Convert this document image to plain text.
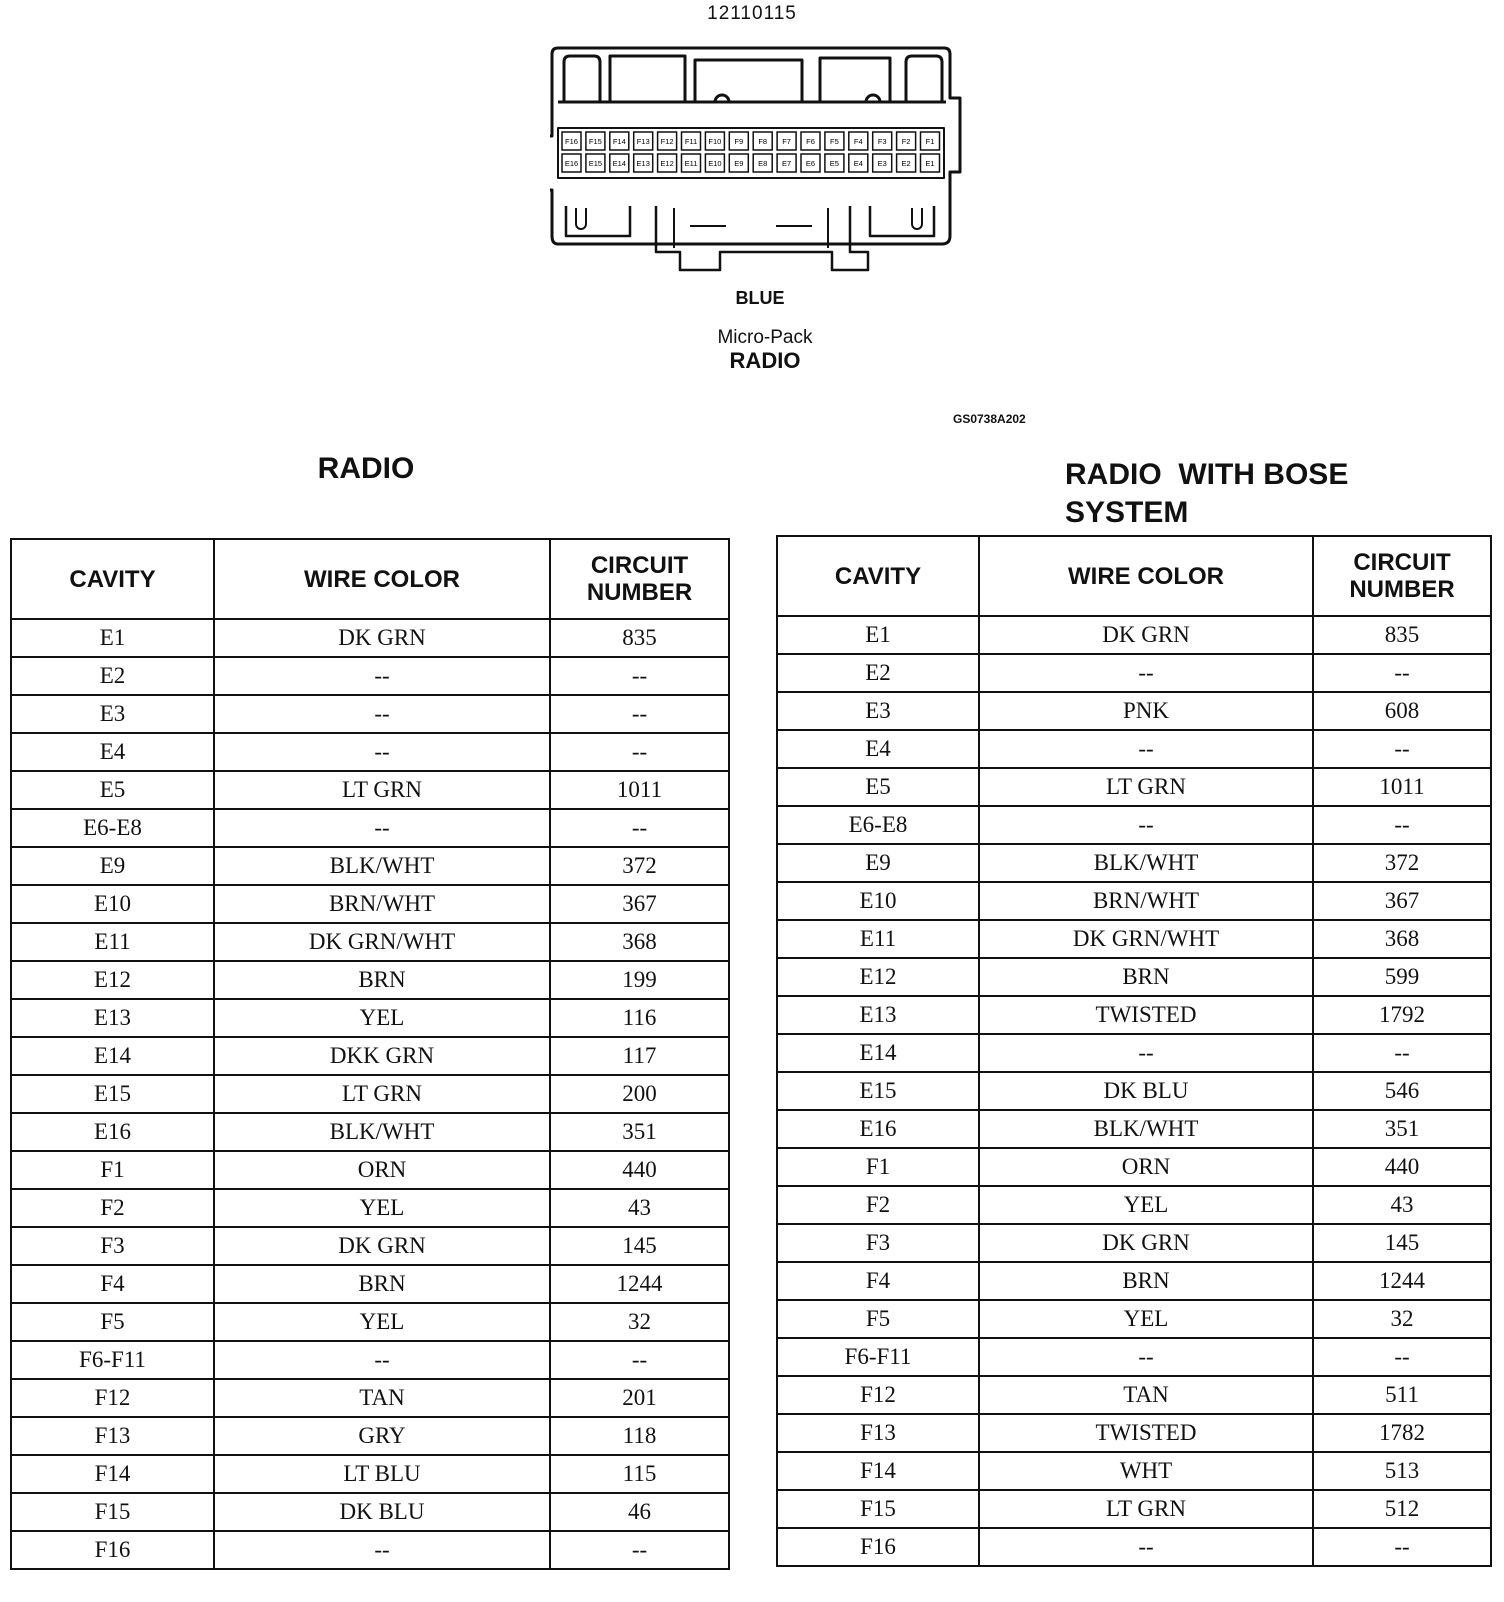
12110115
F16 F15 F14 F13 F12 F11 F10 F9 F8 F7 F6 F5 F4 F3 F2 F1
E16 E15 E14 E13 E12 E11 E10 E9 E8 E7 E6 E5 E4 E3 E2 E1
BLUE
Micro-Pack
RADIO
GS0738A202
RADIO	RADIO  WITH BOSE
SYSTEM
CAVITY	WIRE COLOR	CIRCUIT
NUMBER
E1	DK GRN	835
E2	--	--
E3	--	--
E4	--	--
E5	LT GRN	1011
E6-E8	--	--
E9	BLK/WHT	372
E10	BRN/WHT	367
E11	DK GRN/WHT	368
E12	BRN	199
E13	YEL	116
E14	DKK GRN	117
E15	LT GRN	200
E16	BLK/WHT	351
F1	ORN	440
F2	YEL	43
F3	DK GRN	145
F4	BRN	1244
F5	YEL	32
F6-F11	--	--
F12	TAN	201
F13	GRY	118
F14	LT BLU	115
F15	DK BLU	46
F16	--	--
CAVITY	WIRE COLOR	CIRCUIT
NUMBER
E1	DK GRN	835
E2	--	--
E3	PNK	608
E4	--	--
E5	LT GRN	1011
E6-E8	--	--
E9	BLK/WHT	372
E10	BRN/WHT	367
E11	DK GRN/WHT	368
E12	BRN	599
E13	TWISTED	1792
E14	--	--
E15	DK BLU	546
E16	BLK/WHT	351
F1	ORN	440
F2	YEL	43
F3	DK GRN	145
F4	BRN	1244
F5	YEL	32
F6-F11	--	--
F12	TAN	511
F13	TWISTED	1782
F14	WHT	513
F15	LT GRN	512
F16	--	--
